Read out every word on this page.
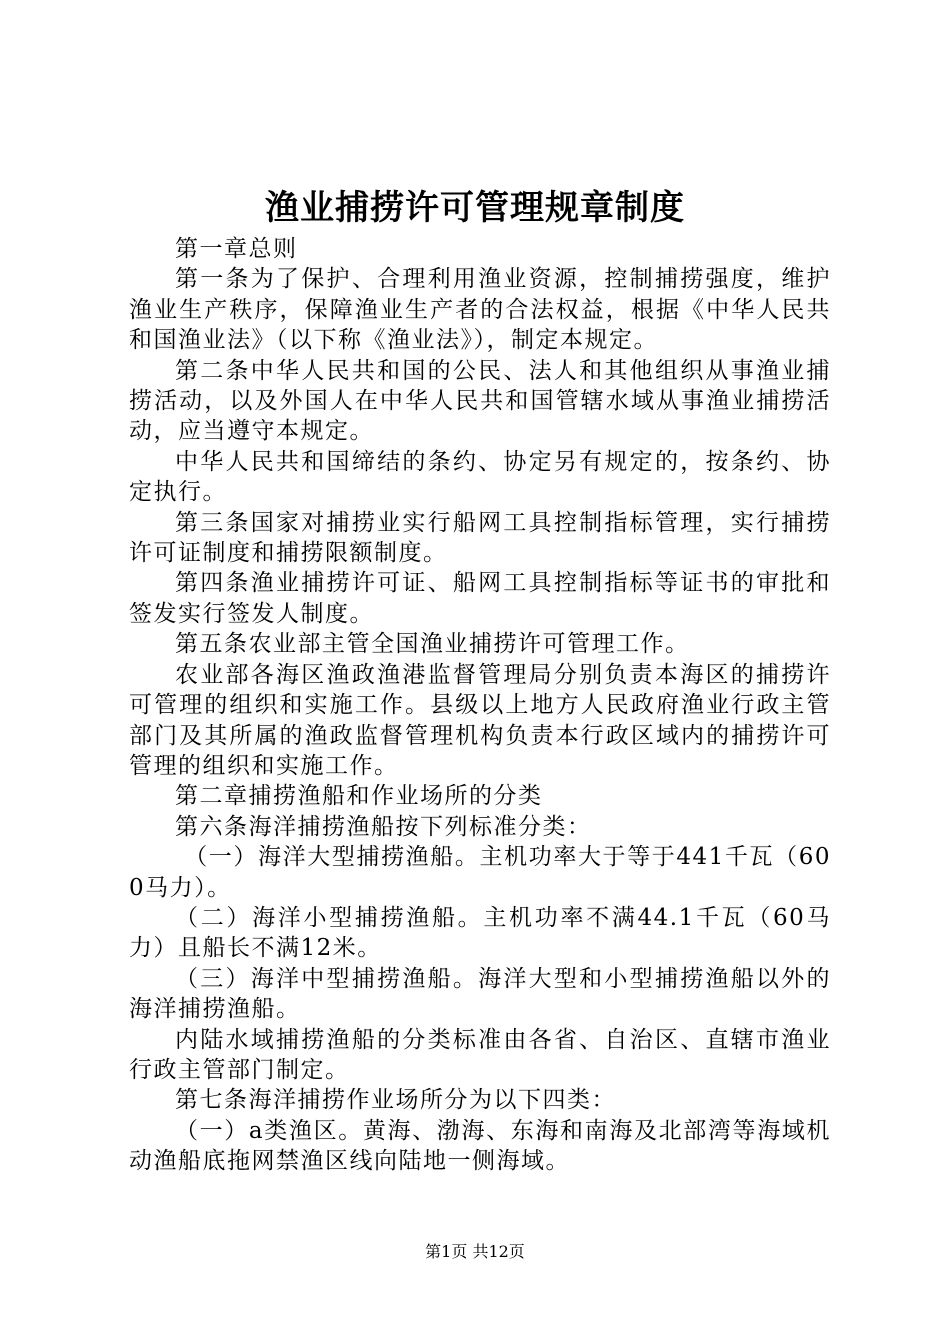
渔业捕捞许可管理规章制度

第一章总则

第一条为了保护、合理利用渔业资源，控制捕捞强度，维护渔业生产秩序，保障渔业生产者的合法权益，根据《中华人民共和国渔业法》（以下称《渔业法》），制定本规定。

第二条中华人民共和国的公民、法人和其他组织从事渔业捕捞活动，以及外国人在中华人民共和国管辖水域从事渔业捕捞活动，应当遵守本规定。

中华人民共和国缔结的条约、协定另有规定的，按条约、协定执行。

第三条国家对捕捞业实行船网工具控制指标管理，实行捕捞许可证制度和捕捞限额制度。

第四条渔业捕捞许可证、船网工具控制指标等证书的审批和签发实行签发人制度。

第五条农业部主管全国渔业捕捞许可管理工作。

农业部各海区渔政渔港监督管理局分别负责本海区的捕捞许可管理的组织和实施工作。县级以上地方人民政府渔业行政主管部门及其所属的渔政监督管理机构负责本行政区域内的捕捞许可管理的组织和实施工作。

第二章捕捞渔船和作业场所的分类

第六条海洋捕捞渔船按下列标准分类：

（一）海洋大型捕捞渔船。主机功率大于等于441千瓦（600马力）。

（二）海洋小型捕捞渔船。主机功率不满44.1千瓦（60马力）且船长不满12米。

（三）海洋中型捕捞渔船。海洋大型和小型捕捞渔船以外的海洋捕捞渔船。

内陆水域捕捞渔船的分类标准由各省、自治区、直辖市渔业行政主管部门制定。

第七条海洋捕捞作业场所分为以下四类：

（一）a类渔区。黄海、渤海、东海和南海及北部湾等海域机动渔船底拖网禁渔区线向陆地一侧海域。

第1页 共12页
